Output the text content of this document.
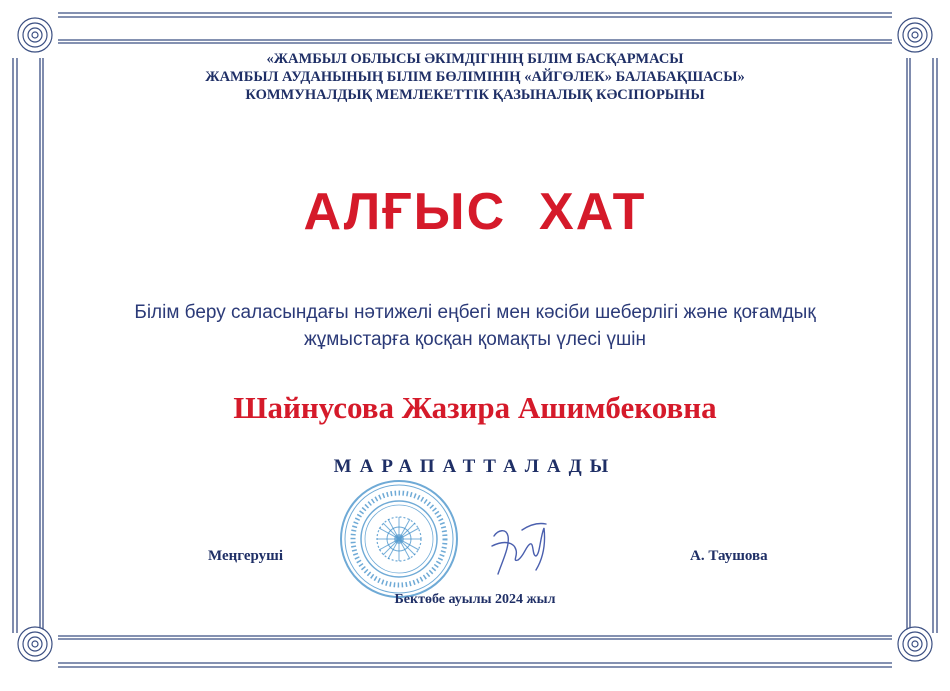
«ЖАМБЫЛ ОБЛЫСЫ ӘКІМДІГІНІҢ БІЛІМ БАСҚАРМАСЫ
ЖАМБЫЛ АУДАНЫНЫҢ БІЛІМ БӨЛІМІНІҢ «АЙГӨЛЕК» БАЛАБАҚШАСЫ»
КОММУНАЛДЫҚ МЕМЛЕКЕТТІК ҚАЗЫНАЛЫҚ КӘСІПОРЫНЫ
АЛҒЫС  ХАТ
Білім беру саласындағы нәтижелі еңбегі мен кәсіби шеберлігі және қоғамдық
жұмыстарға қосқан қомақты үлесі үшін
Шайнусова Жазира Ашимбековна
МАРАПАТТАЛАДЫ
Меңгеруші	А. Таушова
Бектөбе ауылы 2024 жыл
